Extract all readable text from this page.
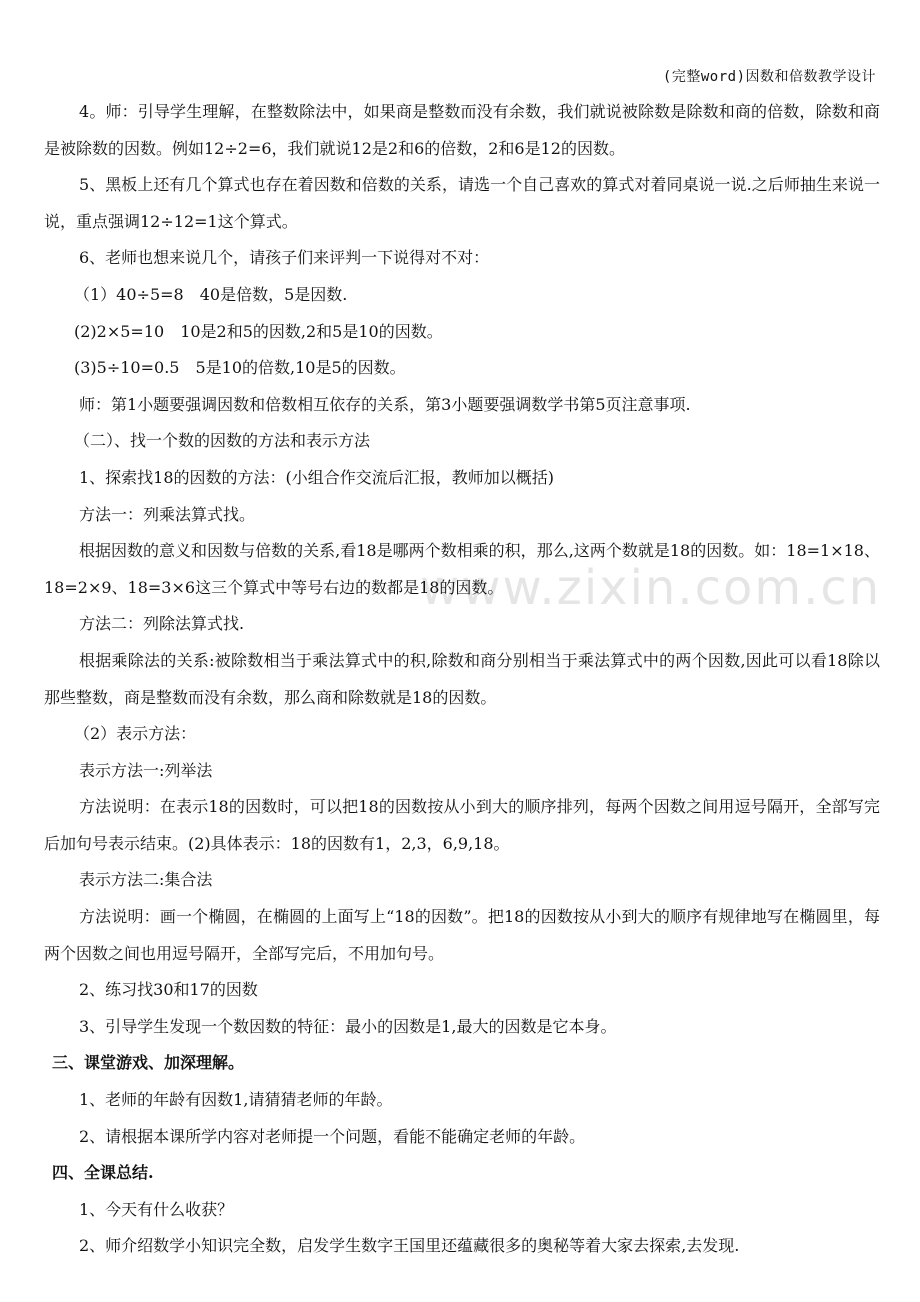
(完整word)因数和倍数教学设计
www.zixin.com.cn

4。师：引导学生理解，在整数除法中，如果商是整数而没有余数，我们就说被除数是除数和商的倍数，除数和商是被除数的因数。例如12÷2=6，我们就说12是2和6的倍数，2和6是12的因数。

5、黑板上还有几个算式也存在着因数和倍数的关系，请选一个自己喜欢的算式对着同桌说一说.之后师抽生来说一说，重点强调12÷12=1这个算式。

6、老师也想来说几个，请孩子们来评判一下说得对不对：

（1）40÷5=8　40是倍数，5是因数.

(2)2×5=10　10是2和5的因数,2和5是10的因数。

(3)5÷10=0.5　5是10的倍数,10是5的因数。

师：第1小题要强调因数和倍数相互依存的关系，第3小题要强调数学书第5页注意事项.

（二）、找一个数的因数的方法和表示方法

1、探索找18的因数的方法：(小组合作交流后汇报，教师加以概括)

方法一：列乘法算式找。

根据因数的意义和因数与倍数的关系,看18是哪两个数相乘的积，那么,这两个数就是18的因数。如：18=1×18、18=2×9、18=3×6这三个算式中等号右边的数都是18的因数。

方法二：列除法算式找.

根据乘除法的关系:被除数相当于乘法算式中的积,除数和商分别相当于乘法算式中的两个因数,因此可以看18除以那些整数，商是整数而没有余数，那么商和除数就是18的因数。

（2）表示方法：

表示方法一:列举法

方法说明：在表示18的因数时，可以把18的因数按从小到大的顺序排列，每两个因数之间用逗号隔开，全部写完后加句号表示结束。(2)具体表示：18的因数有1，2,3，6,9,18。

表示方法二:集合法

方法说明：画一个椭圆，在椭圆的上面写上“18的因数”。把18的因数按从小到大的顺序有规律地写在椭圆里，每两个因数之间也用逗号隔开，全部写完后，不用加句号。

2、练习找30和17的因数

3、引导学生发现一个数因数的特征：最小的因数是1,最大的因数是它本身。

三、课堂游戏、加深理解。

1、老师的年龄有因数1,请猜猜老师的年龄。

2、请根据本课所学内容对老师提一个问题，看能不能确定老师的年龄。

四、全课总结.

1、今天有什么收获？

2、师介绍数学小知识完全数，启发学生数字王国里还蕴藏很多的奥秘等着大家去探索,去发现.
